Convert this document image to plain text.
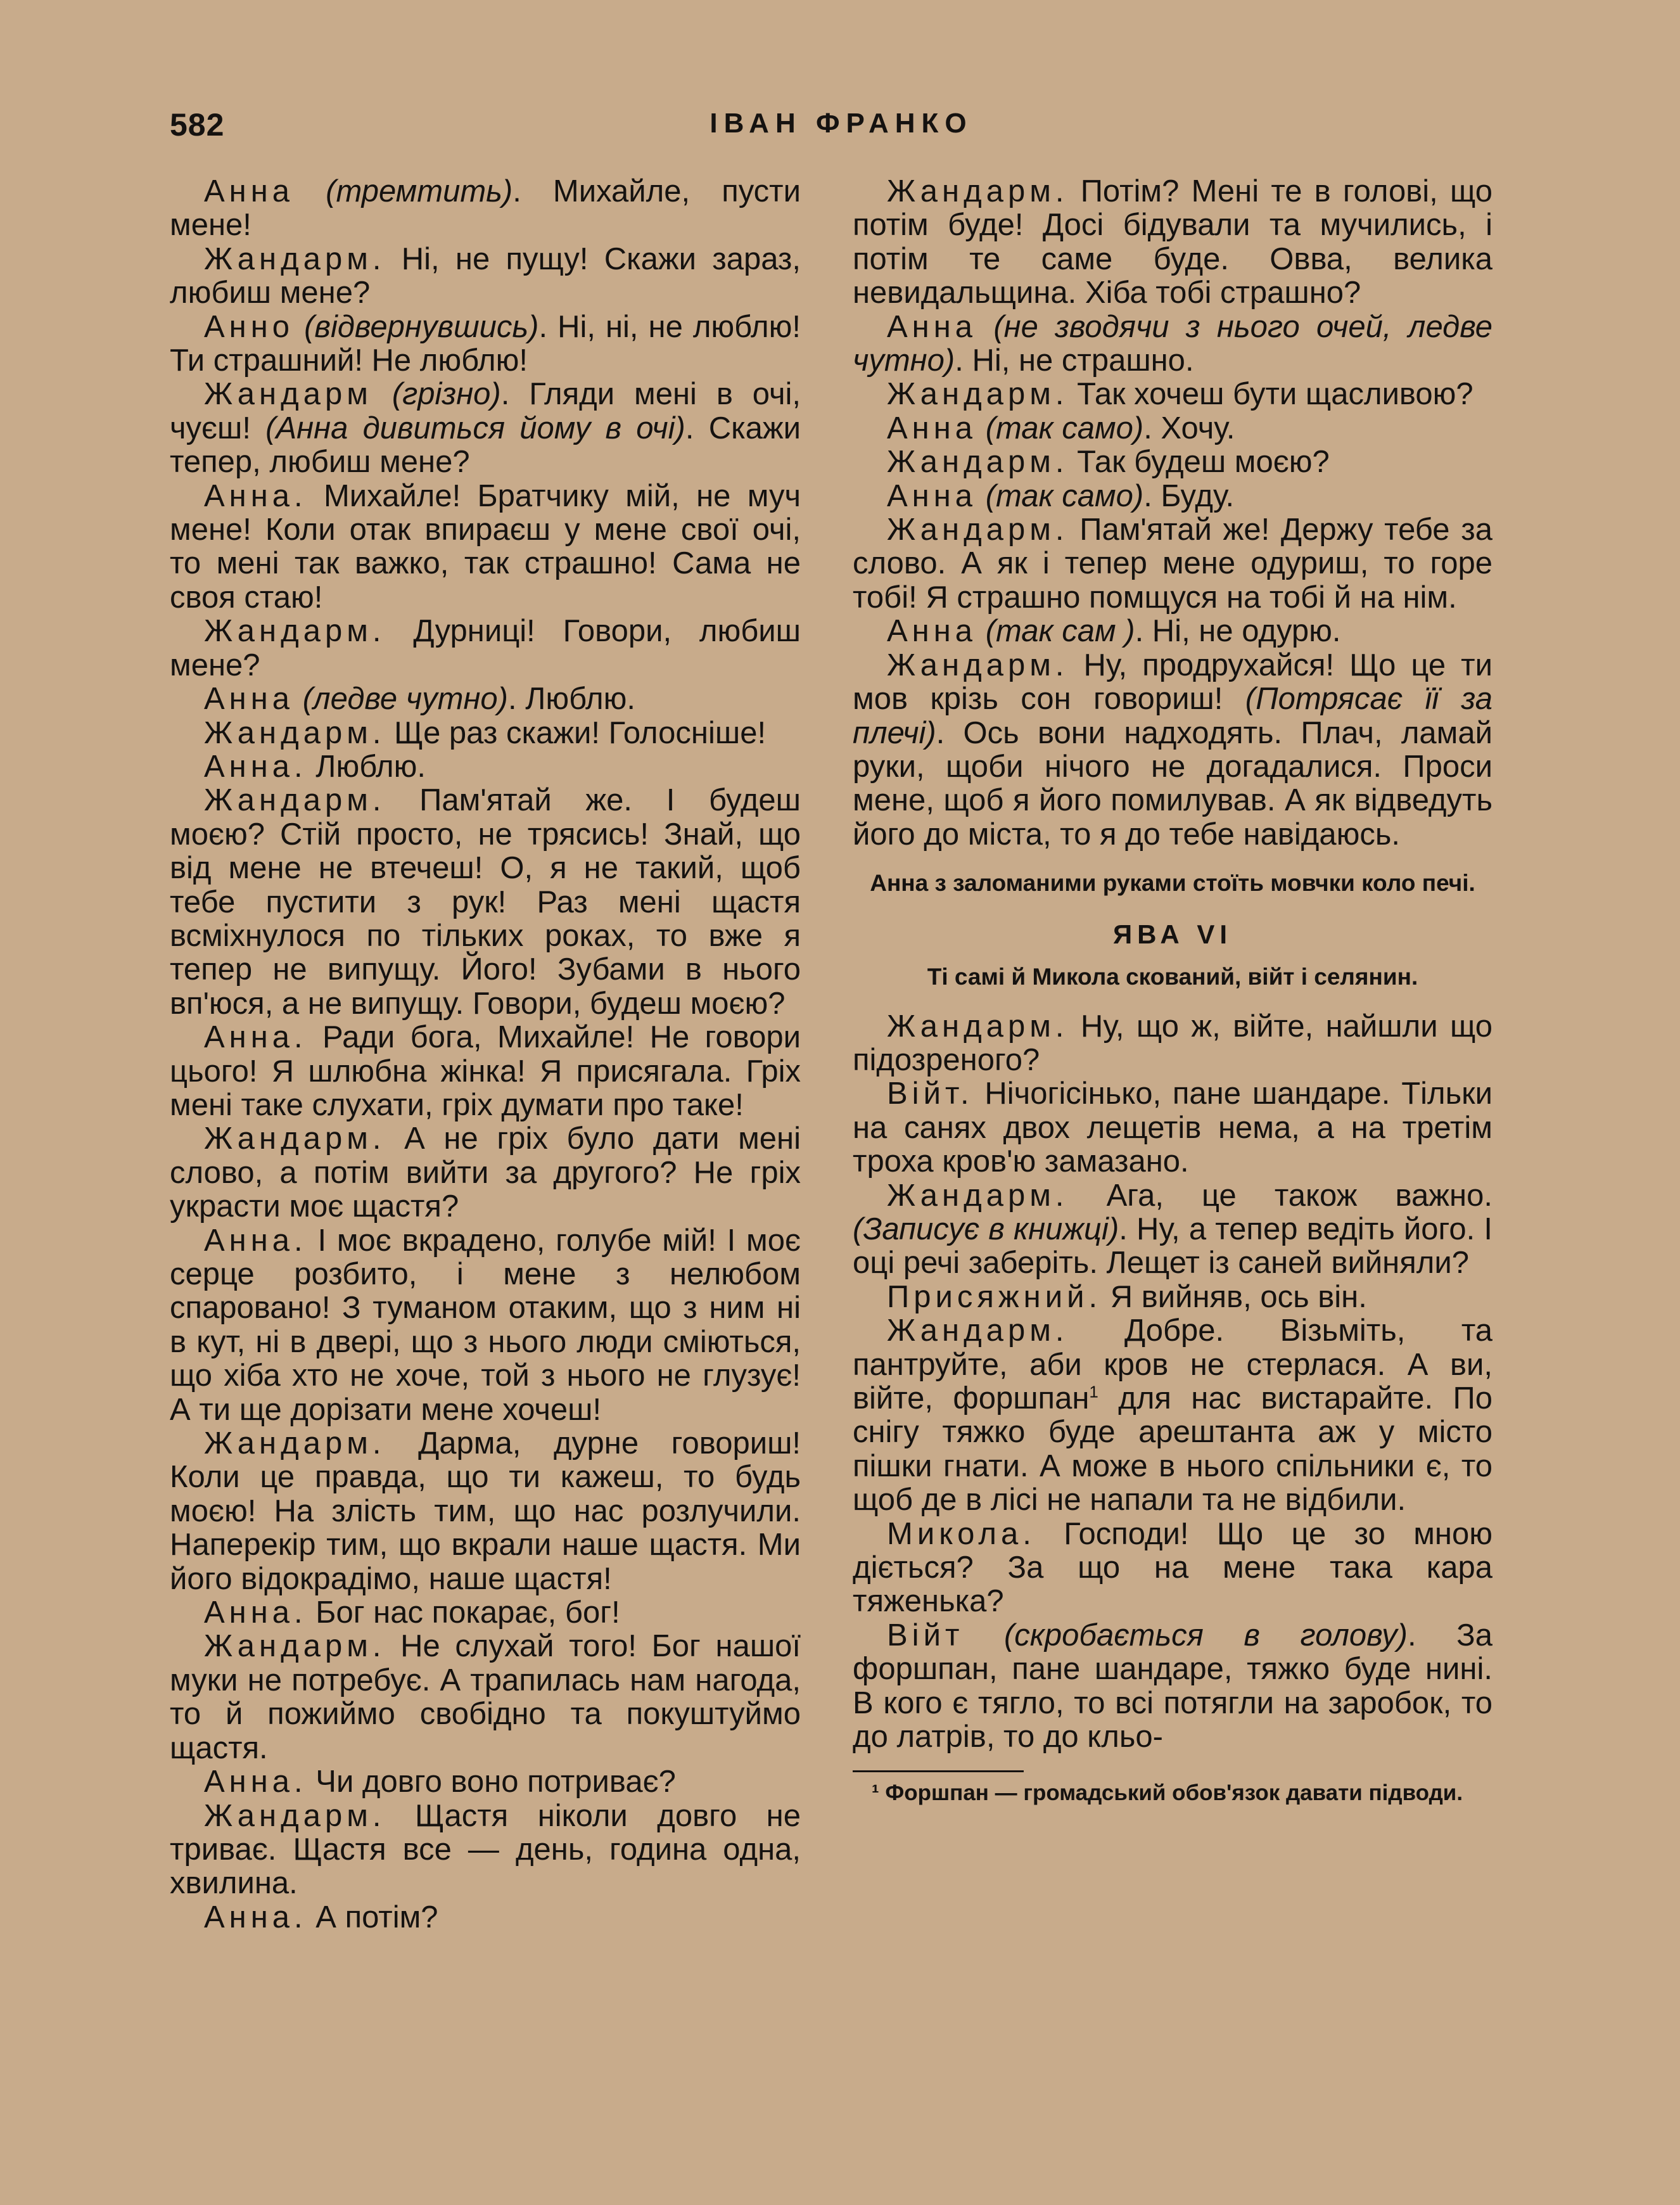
582	ІВАН ФРАНКО

Анна (тремтить). Михайле, пусти мене!

Жандарм. Ні, не пущу! Скажи зараз, любиш мене?

Анно (відвернувшись). Ні, ні, не люблю! Ти страшний! Не люблю!

Жандарм (грізно). Гляди мені в очі, чуєш! (Анна дивиться йому в очі). Скажи тепер, любиш мене?

Анна. Михайле! Братчику мій, не муч мене! Коли отак впираєш у мене свої очі, то мені так важко, так страшно! Сама не своя стаю!

Жандарм. Дурниці! Говори, любиш мене?

Анна (ледве чутно). Люблю.

Жандарм. Ще раз скажи! Голосніше!

Анна. Люблю.

Жандарм. Пам'ятай же. І будеш моєю? Стій просто, не трясись! Знай, що від мене не втечеш! О, я не такий, щоб тебе пустити з рук! Раз мені щастя всміхнулося по тільких роках, то вже я тепер не випущу. Його! Зубами в нього вп'юся, а не випущу. Говори, будеш моєю?

Анна. Ради бога, Михайле! Не говори цього! Я шлюбна жінка! Я присягала. Гріх мені таке слухати, гріх думати про таке!

Жандарм. А не гріх було дати мені слово, а потім вийти за другого? Не гріх украсти моє щастя?

Анна. І моє вкрадено, голубе мій! І моє серце розбито, і мене з нелюбом спаровано! З туманом отаким, що з ним ні в кут, ні в двері, що з нього люди сміються, що хіба хто не хоче, той з нього не глузує! А ти ще дорізати мене хочеш!

Жандарм. Дарма, дурне говориш! Коли це правда, що ти кажеш, то будь моєю! На злість тим, що нас розлучили. Наперекір тим, що вкрали наше щастя. Ми його відокрадімо, наше щастя!

Анна. Бог нас покарає, бог!

Жандарм. Не слухай того! Бог нашої муки не потребує. А трапилась нам нагода, то й пожиймо свобідно та покуштуймо щастя.

Анна. Чи довго воно потриває?

Жандарм. Щастя ніколи довго не триває. Щастя все — день, година одна, хвилина.

Анна. А потім?

Жандарм. Потім? Мені те в голові, що потім буде! Досі бідували та мучились, і потім те саме буде. Овва, велика невидальщина. Хіба тобі страшно?

Анна (не зводячи з нього очей, ледве чутно). Ні, не страшно.

Жандарм. Так хочеш бути щасливою?

Анна (так само). Хочу.

Жандарм. Так будеш моєю?

Анна (так само). Буду.

Жандарм. Пам'ятай же! Держу тебе за слово. А як і тепер мене одуриш, то горе тобі! Я страшно помщуся на тобі й на нім.

Анна (так сам ). Ні, не одурю.

Жандарм. Ну, продрухайся! Що це ти мов крізь сон говориш! (Потрясає її за плечі). Ось вони надходять. Плач, ламай руки, щоби нічого не догадалися. Проси мене, щоб я його помилував. А як відведуть його до міста, то я до тебе навідаюсь.

Анна з заломаними руками стоїть мовчки коло печі.
ЯВА VI
Ті самі й Микола скований, війт і селянин.

Жандарм. Ну, що ж, війте, найшли що підозреного?

Війт. Нічогісінько, пане шандаре. Тільки на санях двох лещетів нема, а на третім троха кров'ю замазано.

Жандарм. Ага, це також важно. (Записує в книжці). Ну, а тепер ведіть його. І оці речі заберіть. Лещет із саней вийняли?

Присяжний. Я вийняв, ось він.

Жандарм. Добре. Візьміть, та пантруйте, аби кров не стерлася. А ви, війте, форшпан$^1$ для нас вистарайте. По снігу тяжко буде арештанта аж у місто пішки гнати. А може в нього спільники є, то щоб де в лісі не напали та не відбили.

Микола. Господи! Що це зо мною діється? За що на мене така кара тяженька?

Війт (скробається в голову). За форшпан, пане шандаре, тяжко буде нині. В кого є тягло, то всі потягли на заробок, то до латрів, то до кльо-

¹ Форшпан — громадський обов'язок давати підводи.
